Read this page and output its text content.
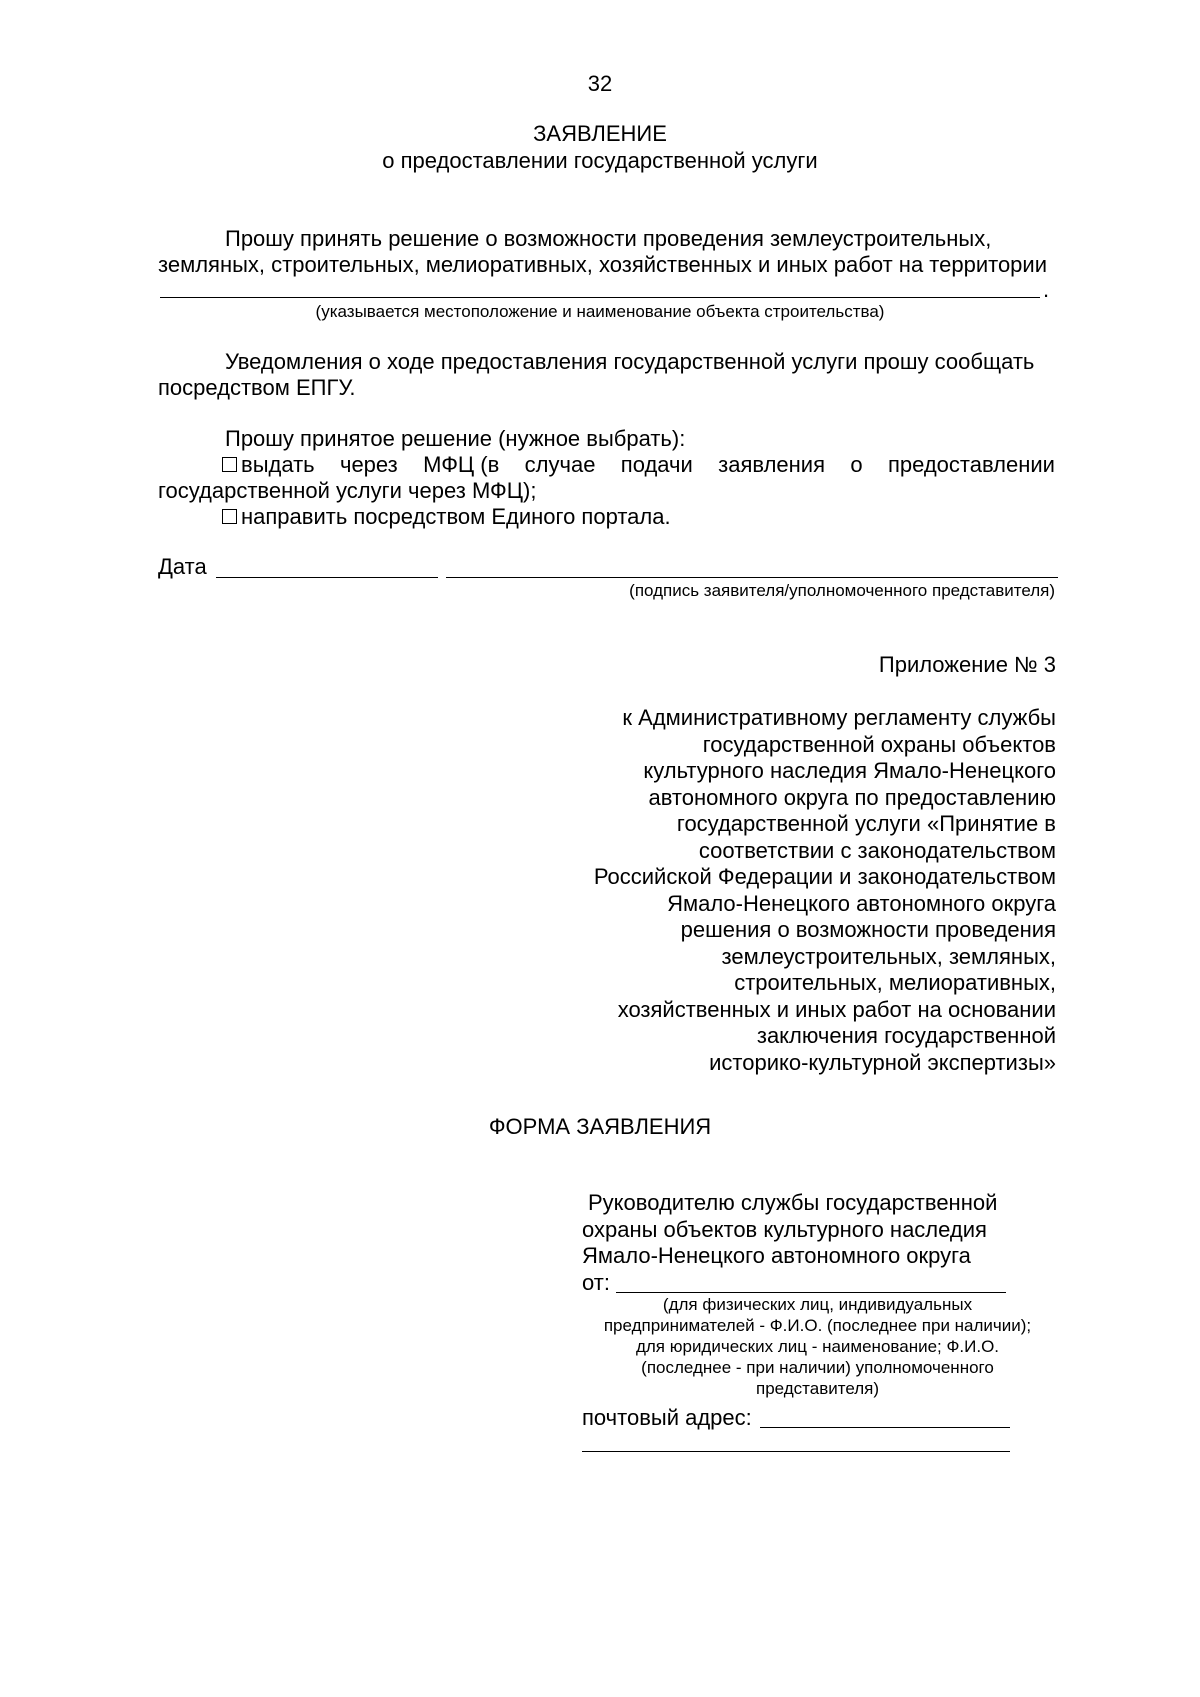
32
ЗАЯВЛЕНИЕ
о предоставлении государственной услуги
Прошу принять решение о возможности проведения землеустроительных,
земляных, строительных, мелиоративных, хозяйственных и иных работ на территории
.
(указывается местоположение и наименование объекта строительства)
Уведомления о ходе предоставления государственной услуги прошу сообщать
посредством ЕПГУ.
Прошу принятое решение (нужное выбрать):
выдать через МФЦ (в случае подачи заявления о предоставлении
государственной услуги через МФЦ);
направить посредством Единого портала.
Дата
(подпись заявителя/уполномоченного представителя)
Приложение № 3
к Административному регламенту службы
государственной охраны объектов
культурного наследия Ямало-Ненецкого
автономного округа по предоставлению
государственной услуги «Принятие в
соответствии с законодательством
Российской Федерации и законодательством
Ямало-Ненецкого автономного округа
решения о возможности проведения
землеустроительных, земляных,
строительных, мелиоративных,
хозяйственных и иных работ на основании
заключения государственной
историко-культурной экспертизы»
ФОРМА ЗАЯВЛЕНИЯ
Руководителю службы государственной
охраны объектов культурного наследия
Ямало-Ненецкого автономного округа
от:
(для физических лиц, индивидуальных
предпринимателей - Ф.И.О. (последнее при наличии);
для юридических лиц - наименование; Ф.И.О.
(последнее - при наличии) уполномоченного
представителя)
почтовый адрес:
